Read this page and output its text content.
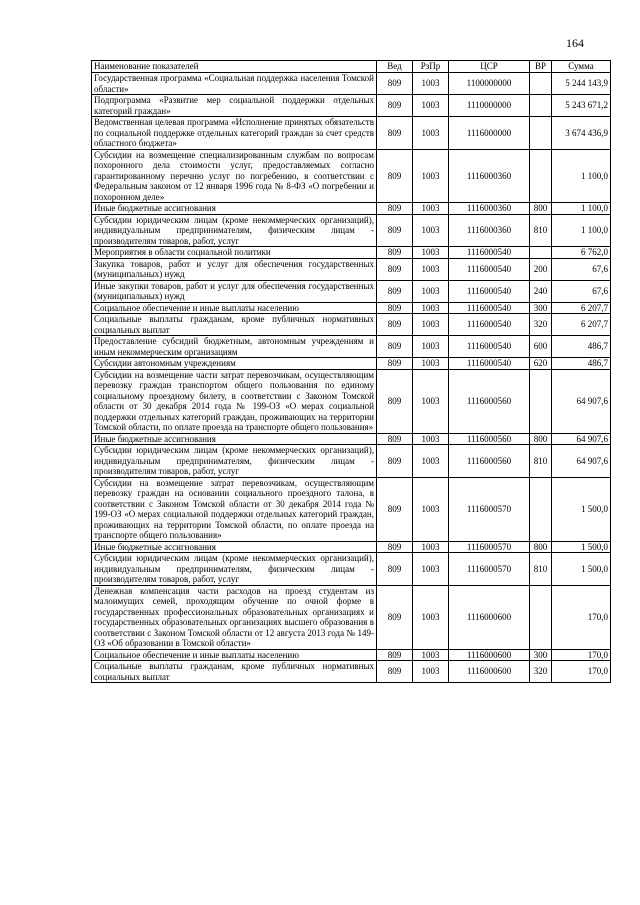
164
Наименование показателей	Вед	РзПр	ЦСР	ВР	Сумма
Государственная программа «Социальная поддержка населения Томской области»	809	1003	1100000000		5 244 143,9
Подпрограмма «Развитие мер социальной поддержки отдельных категорий граждан»	809	1003	1110000000		5 243 671,2
Ведомственная целевая программа «Исполнение принятых обязательств по социальной поддержке отдельных категорий граждан за счет средств областного бюджета»	809	1003	1116000000		3 674 436,9
Субсидии на возмещение специализированным службам по вопросам похоронного дела стоимости услуг, предоставляемых согласно гарантированному перечню услуг по погребению, в соответствии с Федеральным законом от 12 января 1996 года № 8-ФЗ «О погребении и похоронном деле»	809	1003	1116000360		1 100,0
Иные бюджетные ассигнования	809	1003	1116000360	800	1 100,0
Субсидии юридическим лицам (кроме некоммерческих организаций), индивидуальным предпринимателям, физическим лицам - производителям товаров, работ, услуг	809	1003	1116000360	810	1 100,0
Мероприятия в области социальной политики	809	1003	1116000540		6 762,0
Закупка товаров, работ и услуг для обеспечения государственных (муниципальных) нужд	809	1003	1116000540	200	67,6
Иные закупки товаров, работ и услуг для обеспечения государственных (муниципальных) нужд	809	1003	1116000540	240	67,6
Социальное обеспечение и иные выплаты населению	809	1003	1116000540	300	6 207,7
Социальные выплаты гражданам, кроме публичных нормативных социальных выплат	809	1003	1116000540	320	6 207,7
Предоставление субсидий бюджетным, автономным учреждениям и иным некоммерческим организациям	809	1003	1116000540	600	486,7
Субсидии автономным учреждениям	809	1003	1116000540	620	486,7
Субсидии на возмещение части затрат перевозчикам, осуществляющим перевозку граждан транспортом общего пользования по единому социальному проездному билету, в соответствии с Законом Томской области от 30 декабря 2014 года № 199-ОЗ «О мерах социальной поддержки отдельных категорий граждан, проживающих на территории Томской области, по оплате проезда на транспорте общего пользования»	809	1003	1116000560		64 907,6
Иные бюджетные ассигнования	809	1003	1116000560	800	64 907,6
Субсидии юридическим лицам (кроме некоммерческих организаций), индивидуальным предпринимателям, физическим лицам - производителям товаров, работ, услуг	809	1003	1116000560	810	64 907,6
Субсидии на возмещение затрат перевозчикам, осуществляющим перевозку граждан на основании социального проездного талона, в соответствии с Законом Томской области от 30 декабря 2014 года № 199-ОЗ «О мерах социальной поддержки отдельных категорий граждан, проживающих на территории Томской области, по оплате проезда на транспорте общего пользования»	809	1003	1116000570		1 500,0
Иные бюджетные ассигнования	809	1003	1116000570	800	1 500,0
Субсидии юридическим лицам (кроме некоммерческих организаций), индивидуальным предпринимателям, физическим лицам - производителям товаров, работ, услуг	809	1003	1116000570	810	1 500,0
Денежная компенсация части расходов на проезд студентам из малоимущих семей, проходящим обучение по очной форме в государственных профессиональных образовательных организациях и государственных образовательных организациях высшего образования в соответствии с Законом Томской области от 12 августа 2013 года № 149-ОЗ «Об образовании в Томской области»	809	1003	1116000600		170,0
Социальное обеспечение и иные выплаты населению	809	1003	1116000600	300	170,0
Социальные выплаты гражданам, кроме публичных нормативных социальных выплат	809	1003	1116000600	320	170,0
